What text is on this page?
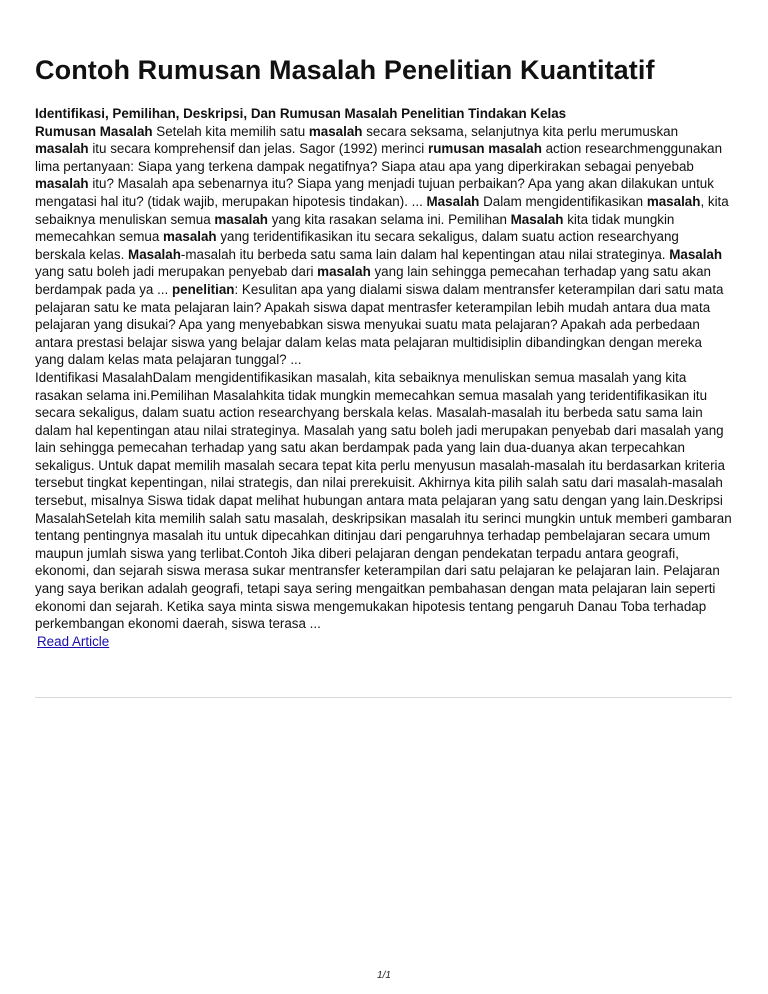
Contoh Rumusan Masalah Penelitian Kuantitatif
Identifikasi, Pemilihan, Deskripsi, Dan Rumusan Masalah Penelitian Tindakan Kelas

Rumusan Masalah Setelah kita memilih satu masalah secara seksama, selanjutnya kita perlu merumuskan masalah itu secara komprehensif dan jelas. Sagor (1992) merinci rumusan masalah action researchmenggunakan lima pertanyaan: Siapa yang terkena dampak negatifnya? Siapa atau apa yang diperkirakan sebagai penyebab masalah itu? Masalah apa sebenarnya itu? Siapa yang menjadi tujuan perbaikan? Apa yang akan dilakukan untuk mengatasi hal itu? (tidak wajib, merupakan hipotesis tindakan). ... Masalah Dalam mengidentifikasikan masalah, kita sebaiknya menuliskan semua masalah yang kita rasakan selama ini. Pemilihan Masalah kita tidak mungkin memecahkan semua masalah yang teridentifikasikan itu secara sekaligus, dalam suatu action researchyang berskala kelas. Masalah-masalah itu berbeda satu sama lain dalam hal kepentingan atau nilai strateginya. Masalah yang satu boleh jadi merupakan penyebab dari masalah yang lain sehingga pemecahan terhadap yang satu akan berdampak pada ya ... penelitian: Kesulitan apa yang dialami siswa dalam mentransfer keterampilan dari satu mata pelajaran satu ke mata pelajaran lain? Apakah siswa dapat mentrasfer keterampilan lebih mudah antara dua mata pelajaran yang disukai? Apa yang menyebabkan siswa menyukai suatu mata pelajaran? Apakah ada perbedaan antara prestasi belajar siswa yang belajar dalam kelas mata pelajaran multidisiplin dibandingkan dengan mereka yang dalam kelas mata pelajaran tunggal? ...

Identifikasi MasalahDalam mengidentifikasikan masalah, kita sebaiknya menuliskan semua masalah yang kita rasakan selama ini.Pemilihan Masalahkita tidak mungkin memecahkan semua masalah yang teridentifikasikan itu secara sekaligus, dalam suatu action researchyang berskala kelas. Masalah-masalah itu berbeda satu sama lain dalam hal kepentingan atau nilai strateginya. Masalah yang satu boleh jadi merupakan penyebab dari masalah yang lain sehingga pemecahan terhadap yang satu akan berdampak pada yang lain dua-duanya akan terpecahkan sekaligus. Untuk dapat memilih masalah secara tepat kita perlu menyusun masalah-masalah itu berdasarkan kriteria tersebut tingkat kepentingan, nilai strategis, dan nilai prerekuisit. Akhirnya kita pilih salah satu dari masalah-masalah tersebut, misalnya Siswa tidak dapat melihat hubungan antara mata pelajaran yang satu dengan yang lain.Deskripsi MasalahSetelah kita memilih salah satu masalah, deskripsikan masalah itu serinci mungkin untuk memberi gambaran tentang pentingnya masalah itu untuk dipecahkan ditinjau dari pengaruhnya terhadap pembelajaran secara umum maupun jumlah siswa yang terlibat.Contoh Jika diberi pelajaran dengan pendekatan terpadu antara geografi, ekonomi, dan sejarah siswa merasa sukar mentransfer keterampilan dari satu pelajaran ke pelajaran lain. Pelajaran yang saya berikan adalah geografi, tetapi saya sering mengaitkan pembahasan dengan mata pelajaran lain seperti ekonomi dan sejarah. Ketika saya minta siswa mengemukakan hipotesis tentang pengaruh Danau Toba terhadap perkembangan ekonomi daerah, siswa terasa ...

Read Article
1/1
